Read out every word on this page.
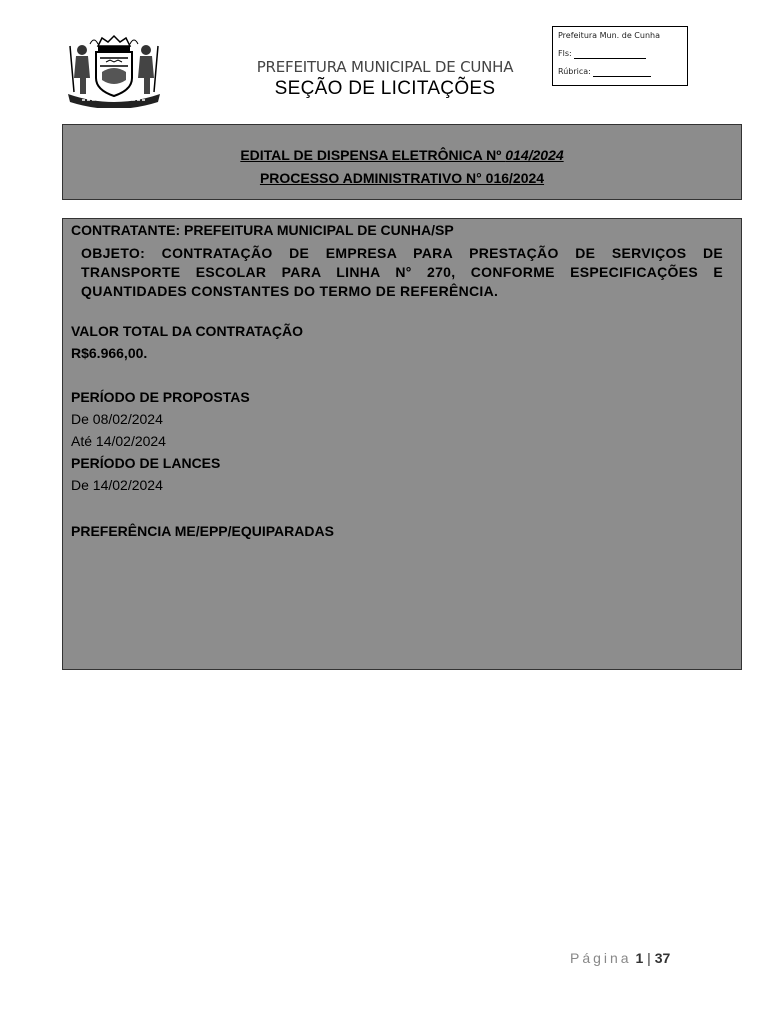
PREFEITURA MUNICIPAL DE CUNHA
SEÇÃO DE LICITAÇÕES
Prefeitura Mun. de Cunha
Fls:
Rúbrica:
EDITAL DE DISPENSA ELETRÔNICA Nº 014/2024
PROCESSO ADMINISTRATIVO N° 016/2024
CONTRATANTE: PREFEITURA MUNICIPAL DE CUNHA/SP
OBJETO: CONTRATAÇÃO DE EMPRESA PARA PRESTAÇÃO DE SERVIÇOS DE TRANSPORTE ESCOLAR PARA LINHA N° 270, CONFORME ESPECIFICAÇÕES E QUANTIDADES CONSTANTES DO TERMO DE REFERÊNCIA.
VALOR TOTAL DA CONTRATAÇÃO
R$6.966,00.
PERÍODO DE PROPOSTAS
De 08/02/2024
Até 14/02/2024
PERÍODO DE LANCES
De 14/02/2024
PREFERÊNCIA ME/EPP/EQUIPARADAS
Página 1 | 37
